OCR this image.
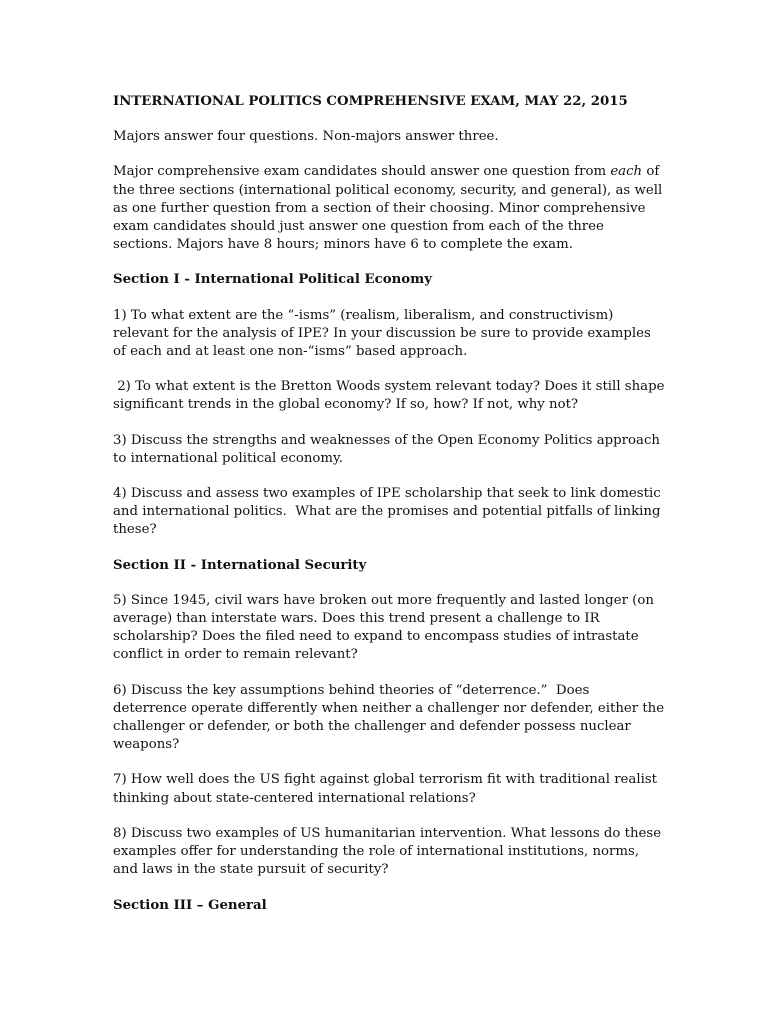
INTERNATIONAL POLITICS COMPREHENSIVE EXAM, MAY 22, 2015

Majors answer four questions. Non-majors answer three.

Major comprehensive exam candidates should answer one question from each of the three sections (international political economy, security, and general), as well as one further question from a section of their choosing. Minor comprehensive exam candidates should just answer one question from each of the three sections. Majors have 8 hours; minors have 6 to complete the exam.

Section I - International Political Economy

1) To what extent are the “-isms” (realism, liberalism, and constructivism) relevant for the analysis of IPE? In your discussion be sure to provide examples of each and at least one non-“isms” based approach.

2) To what extent is the Bretton Woods system relevant today? Does it still shape significant trends in the global economy? If so, how? If not, why not?

3) Discuss the strengths and weaknesses of the Open Economy Politics approach to international political economy.

4) Discuss and assess two examples of IPE scholarship that seek to link domestic and international politics.  What are the promises and potential pitfalls of linking these?

Section II - International Security

5) Since 1945, civil wars have broken out more frequently and lasted longer (on average) than interstate wars. Does this trend present a challenge to IR scholarship? Does the filed need to expand to encompass studies of intrastate conflict in order to remain relevant?

6) Discuss the key assumptions behind theories of “deterrence.”  Does deterrence operate differently when neither a challenger nor defender, either the challenger or defender, or both the challenger and defender possess nuclear weapons?

7) How well does the US fight against global terrorism fit with traditional realist thinking about state-centered international relations?

8) Discuss two examples of US humanitarian intervention. What lessons do these examples offer for understanding the role of international institutions, norms, and laws in the state pursuit of security?

Section III – General
